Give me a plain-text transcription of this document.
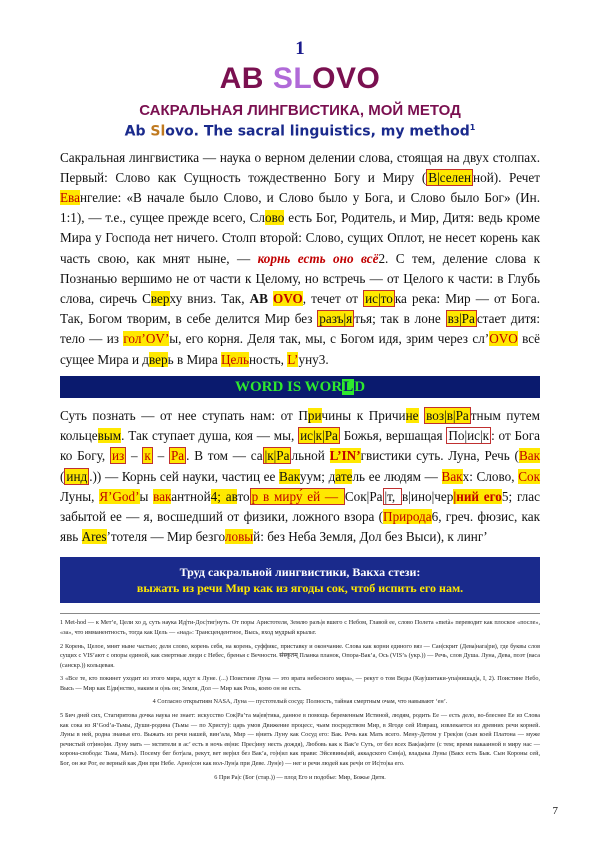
1
AB SLOVO
САКРАЛЬНАЯ ЛИНГВИСТИКА, МОЙ МЕТОД
Ab Slovo. The sacral linguistics, my method$^1$
Сакральная лингвистика — наука о верном делении слова, стоящая на двух столпах. Первый: Слово как Сущность тождественно Богу и Миру ( В|селен ной). Речет Евангелие: «В начале было Слово, и Слово было у Бога, и Слово было Бог» (Ин. 1:1), — т.е., сущее прежде всего, Слово есть Бог, Родитель, и Мир, Дитя: ведь кроме Мира у Господа нет ничего. Столп второй: Слово, сущих Оплот, не несет корень как часть свою, как мнят ныне, — корнь есть оно всё2. С тем, деление слова к Познанью вершимо не от части к Целому, но встречь — от Целого к части: в Глубь слова, сиречь Сверху вниз. Так, AB OVO, течет от ис|то ка река: Мир — от Бога. Так, Богом творим, в себе делится Мир без разъ|я тья; так в лоне вз|Ра стает дитя: тело — из гол’OV’ы, его корня. Деля так, мы, с Богом идя, зрим через сл’OVO всё сущее Мира и дверь в Мира Цельность, L’уну3.
WORD IS WORLD
Суть познать — от нее ступать нам: от Причины к Причине воз|в|Ра тным путем кольцевым. Так ступает душа, коя — мы, ис|к|Ра Божья, вершащая По|ис|к : от Бога ко Богу, из – к – Ра . В том — са |к|Ра льной L’IN’гвистики суть. Луна, Речь (Вак ( инд .)) — Корнь сей науки, частиц ее Вакуум; датель ее людям — Вакх: Слово, Сок Луны, Я’God’ы вакантной4; авто р в миру́ ей — Сок|Ра |т, в|ино|чер|ний его5; глас забытой ее — я, восшедший от физики, ложного взора (Природа6, греч. фюзис, как явь Ares’тотеля — Мир безголовый: без Неба Земля, Дол без Выси), к линг’
Труд сакральной лингвистики, Вакха стези:
выжать из речи Мир как из ягоды сок, чтоб испить его нам.
1 Met-hod — к Мет’е, Цели хо д, суть наука Ид|ти-Дос|тиг|нуть. От поры Аристотеля, Землю разъ|я вшего с Небом, Главой ее, слово Полета «metà» переводит как плоское «после», «за», что имманентность, тогда как Цель — «над»: Трансцендентное, Высь, вход мудрый крыльт.
2 Корень, Целое, мнят ныне частью; деля слово, корень себя, на корень, суффикс, приставку и окончание. Слова как корни единого вяз — Сан|скрит (Дева|нага|ри), где буквы слов сущих с VIS’ают с опоры единой, как смертные люди с Небес, бренья с Вечности. संस्कृतम् Планка планок, Опора-Вак’а, Ось (VIS’ь (укр.)) — Речь, слов Душа. Луна, Дева, поэт (васа (санскр.)) кольцевая.
3 «Все те, кто покинет уходит из этого мира, идут к Луне. (...) Поистине Луна — это врата небесного мира», — рекут о том Веды (Кау|шитаки-упа|нишад|а, I, 2). Поистине Небо, Высь — Мир как Е|ди|нство, наким и о|нь он; Земля, Дол — Мир как Розь, коею он не есть.
4 Согласно открытиям NASA, Луна — пустотелый сосуд: Полность, тайная смертным очам, что навывают ‘ен’.
5 Бич дней сих, Стагиритова дочка наука не знает: искусство Сок|Ра’та ма|ев|тика, данное в помощь беременным Истиной, людям, родить Ее — есть дело, во-блеснее Ее из Слова как сока из Я’God’а-Тьмы, Души-родина (Тьмы — по Христу): царь умов Движение процесс, чьим посредством Мир, в Ягоде сей Извращ, извлекается из древних речи корней. Луны в ней, родна знанья его. Выжать из речи нашей, вин’ала, Мир — в|нить Луну как Сосуд его: Вак. Речь как Мать всего. Мену-Детом у Грек|ов (сын коей Платона — муже речистый от|ино|ия. Луну мать — мстители в ас’ есть в ночь ев|ни: Прес|ину несть дождя), Любовь как к Вак’е Суть, от без всех Вак|ак|ите (с тем; время вакаанной в миру нас — корона-свобода: Тьма, Мать). Посему бег бот|ала, рекут, вет вер|ил без Вак’а, го|н|ил как прави: Эйсевины|ий, аккадского Син|а), владыка Луны (Вакх есть Бык. Сын Короны сей, Бог, он же Рог, ее верный как Дня при Небе. Арно|сон как вол-Лун|а при Деве. Лун|е) — нег и речи людей как реч|и от Ис|то|ка его.
6 При Ра|с (Бог (стар.)) — плод Его и подобье: Мир, Божье Дитя.
7
